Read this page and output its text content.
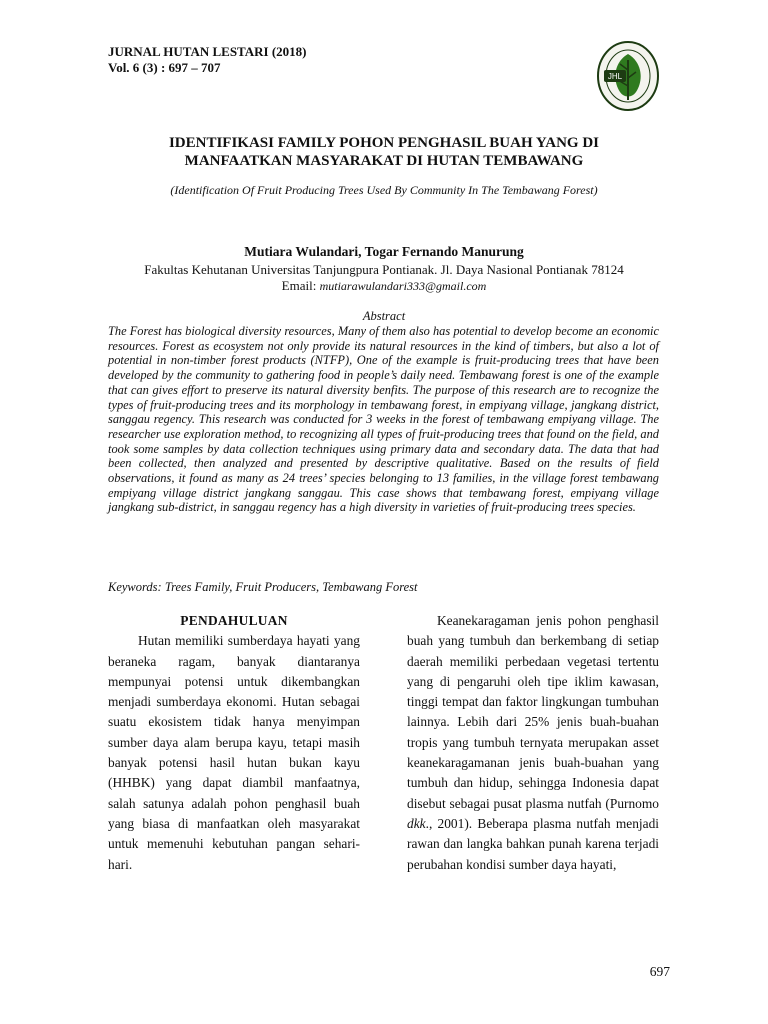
JURNAL HUTAN LESTARI (2018)
Vol. 6 (3) : 697 – 707
JHL
IDENTIFIKASI FAMILY POHON PENGHASIL BUAH YANG DI
MANFAATKAN MASYARAKAT DI HUTAN TEMBAWANG
(Identification Of Fruit Producing Trees Used By Community In The Tembawang Forest)
Mutiara Wulandari, Togar Fernando Manurung
Fakultas Kehutanan Universitas Tanjungpura Pontianak. Jl. Daya Nasional Pontianak 78124
Email: mutiarawulandari333@gmail.com
Abstract
The Forest has biological diversity resources, Many of them also has potential to develop become an economic resources. Forest as ecosystem not only provide its natural resources in the kind of timbers, but also a lot of potential in non-timber forest products (NTFP), One of the example is fruit-producing trees that have been developed by the community to gathering food in people’s daily need. Tembawang forest is one of the example that can gives effort to preserve its natural diversity benfits. The purpose of this research are to recognize the types of fruit-producing trees and its morphology in tembawang forest, in empiyang village, jangkang district, sanggau regency. This research was conducted for 3 weeks in the forest of tembawang empiyang village. The researcher use exploration method, to recognizing all types of fruit-producing trees that found on the field, and took some samples by data collection techniques using primary data and secondary data. The data that had been collected, then analyzed and presented by descriptive qualitative. Based on the results of field observations, it found as many as 24 trees’ species belonging to 13 families, in the village forest tembawang empiyang village district jangkang sanggau. This case shows that tembawang forest, empiyang village jangkang sub-district, in sanggau regency has a high diversity in varieties of fruit-producing trees species.
Keywords: Trees Family, Fruit Producers, Tembawang Forest

PENDAHULUAN

Hutan memiliki sumberdaya hayati yang beraneka ragam, banyak diantaranya mempunyai potensi untuk dikembangkan menjadi sumberdaya ekonomi. Hutan sebagai suatu ekosistem tidak hanya menyimpan sumber daya alam berupa kayu, tetapi masih banyak potensi hasil hutan bukan kayu (HHBK) yang dapat diambil manfaatnya, salah satunya adalah pohon penghasil buah yang biasa di manfaatkan oleh masyarakat untuk memenuhi kebutuhan pangan sehari-hari.

Keanekaragaman jenis pohon penghasil buah yang tumbuh dan berkembang di setiap daerah memiliki perbedaan vegetasi tertentu yang di pengaruhi oleh tipe iklim kawasan, tinggi tempat dan faktor lingkungan tumbuhan lainnya. Lebih dari 25% jenis buah-buahan tropis yang tumbuh ternyata merupakan asset keanekaragamanan jenis buah-buahan yang tumbuh dan hidup, sehingga Indonesia dapat disebut sebagai pusat plasma nutfah (Purnomo dkk., 2001). Beberapa plasma nutfah menjadi rawan dan langka bahkan punah karena terjadi perubahan kondisi sumber daya hayati,

697
